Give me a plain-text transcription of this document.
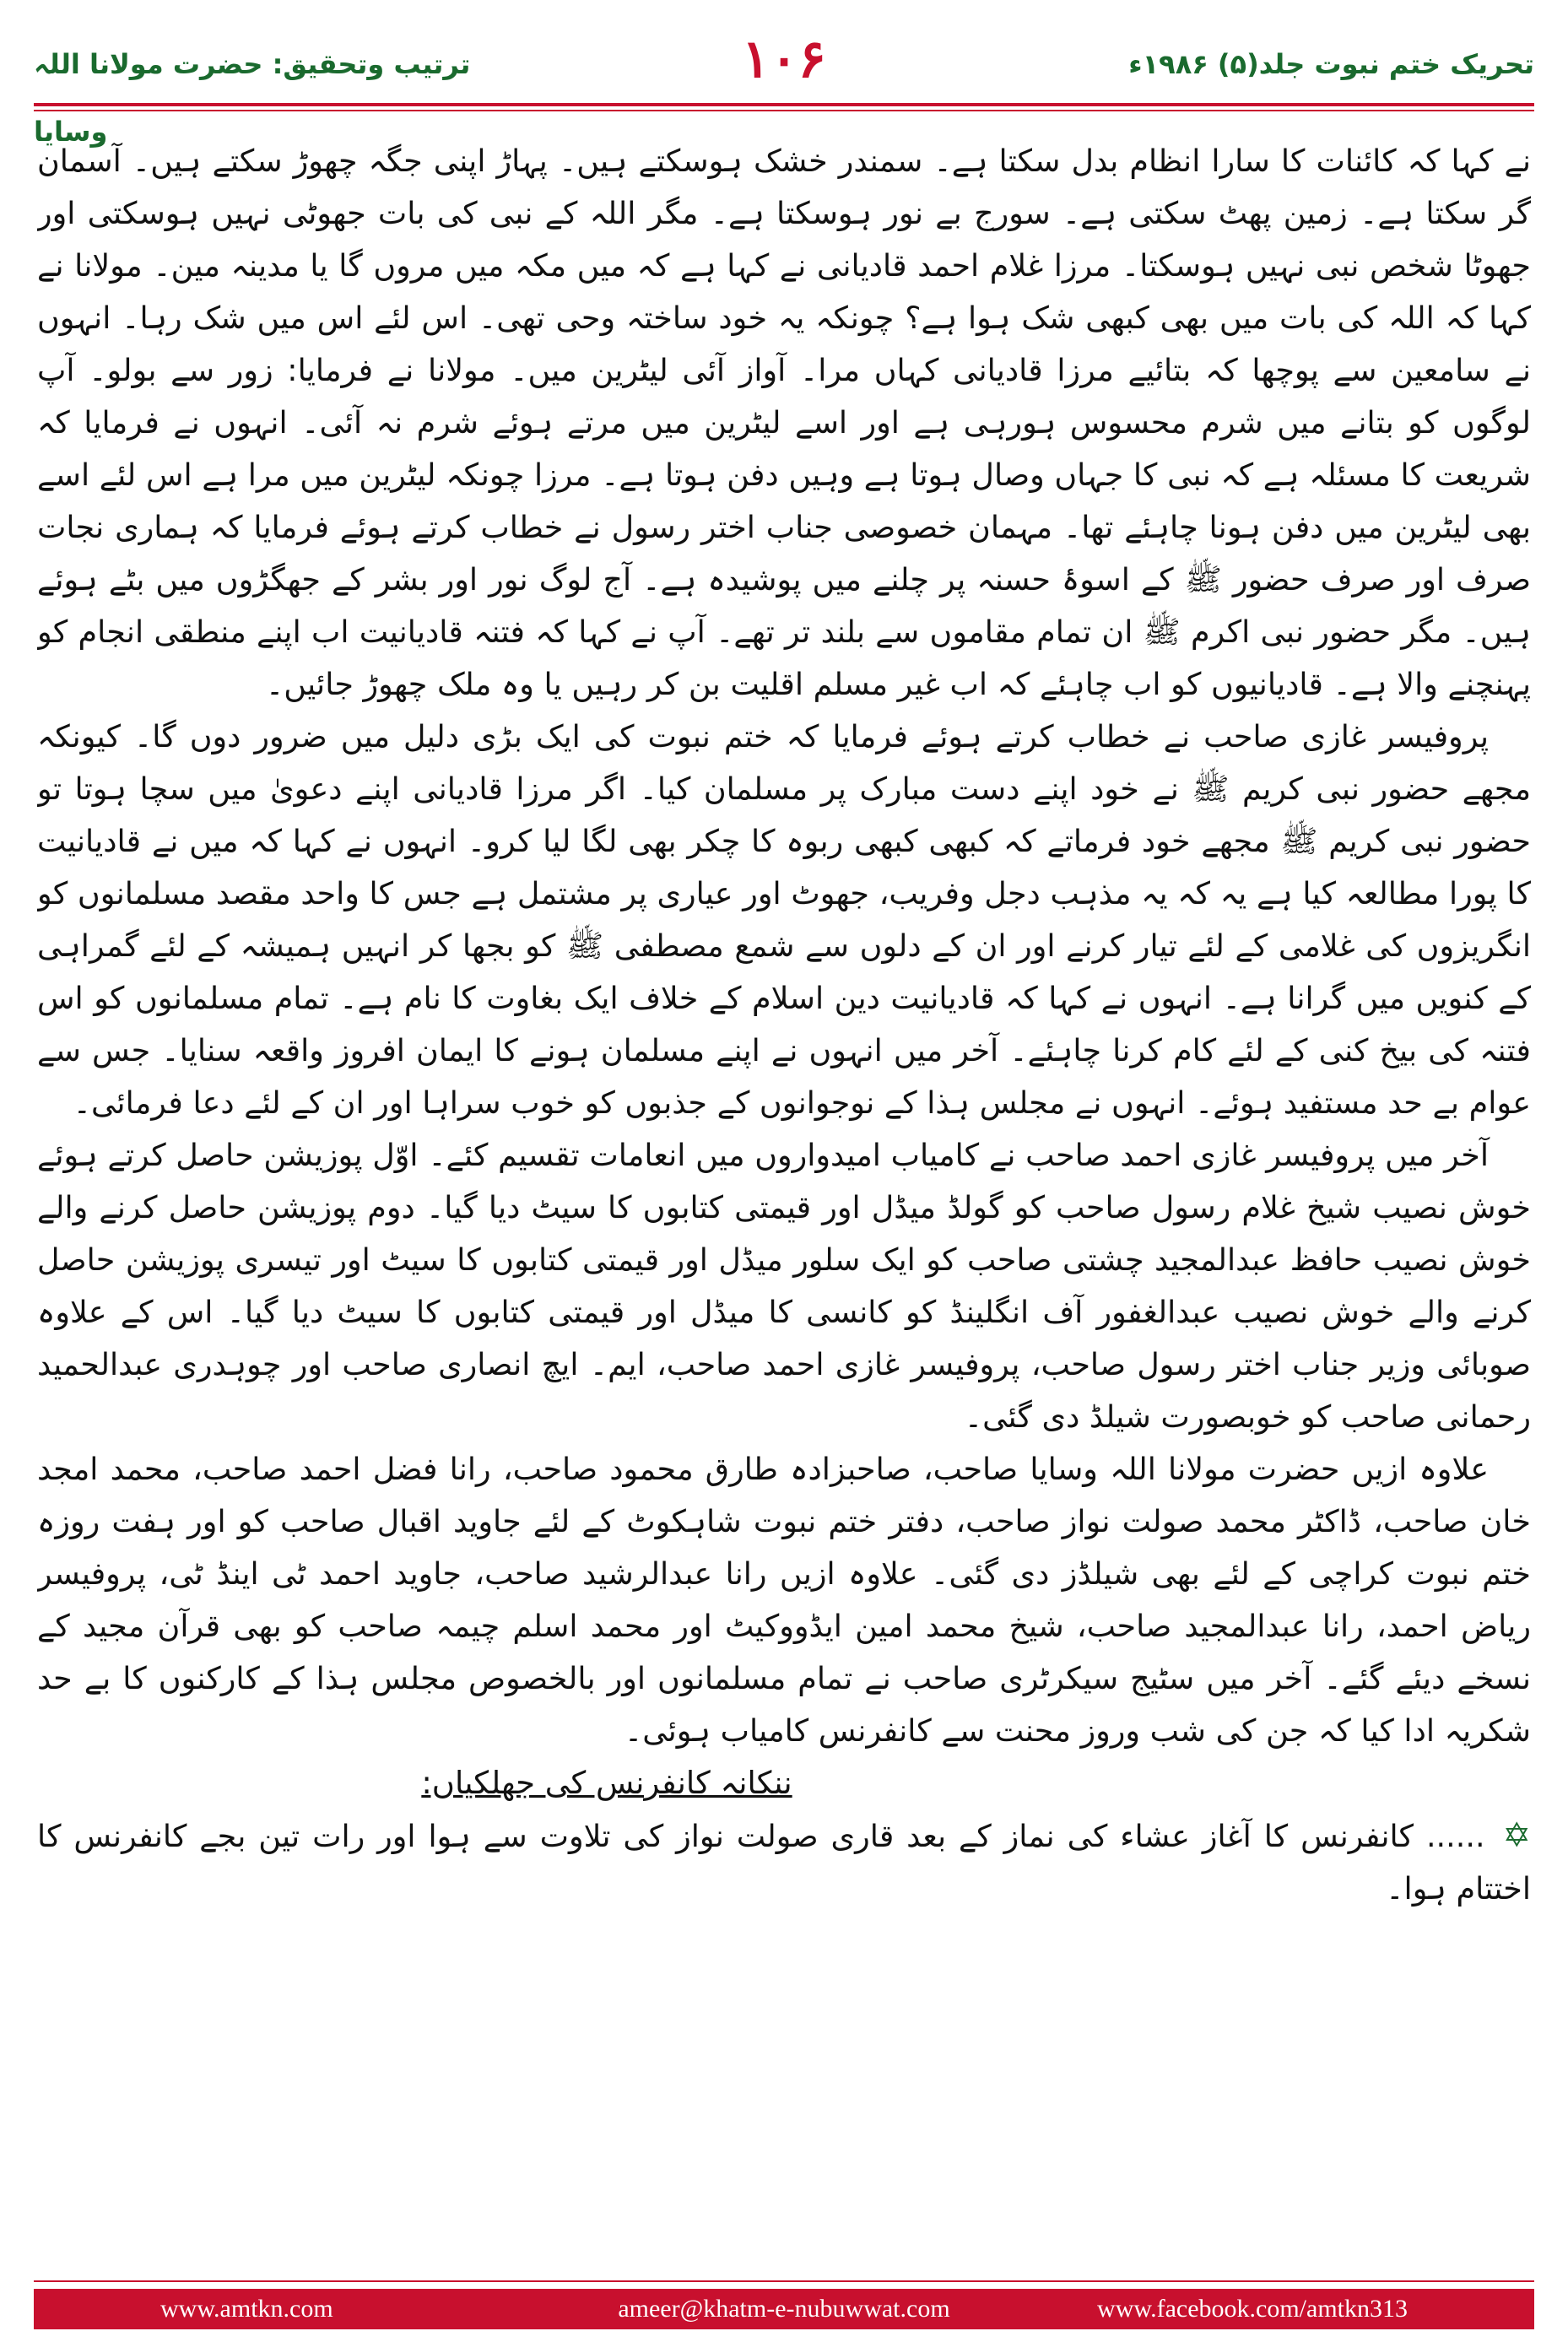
ترتیب وتحقیق: حضرت مولانا اللہ وسایا
۱۰۶	تحریک ختم نبوت جلد(۵) ۱۹۸۶ء

نے کہا کہ کائنات کا سارا انظام بدل سکتا ہے۔ سمندر خشک ہوسکتے ہیں۔ پہاڑ اپنی جگہ چھوڑ سکتے ہیں۔ آسمان گر سکتا ہے۔ زمین پھٹ سکتی ہے۔ سورج بے نور ہوسکتا ہے۔ مگر اللہ کے نبی کی بات جھوٹی نہیں ہوسکتی اور جھوٹا شخص نبی نہیں ہوسکتا۔ مرزا غلام احمد قادیانی نے کہا ہے کہ میں مکہ میں مروں گا یا مدینہ مین۔ مولانا نے کہا کہ اللہ کی بات میں بھی کبھی شک ہوا ہے؟ چونکہ یہ خود ساختہ وحی تھی۔ اس لئے اس میں شک رہا۔ انہوں نے سامعین سے پوچھا کہ بتائیے مرزا قادیانی کہاں مرا۔ آواز آئی لیٹرین میں۔ مولانا نے فرمایا: زور سے بولو۔ آپ لوگوں کو بتانے میں شرم محسوس ہورہی ہے اور اسے لیٹرین میں مرتے ہوئے شرم نہ آئی۔ انہوں نے فرمایا کہ شریعت کا مسئلہ ہے کہ نبی کا جہاں وصال ہوتا ہے وہیں دفن ہوتا ہے۔ مرزا چونکہ لیٹرین میں مرا ہے اس لئے اسے بھی لیٹرین میں دفن ہونا چاہئے تھا۔ مہمان خصوصی جناب اختر رسول نے خطاب کرتے ہوئے فرمایا کہ ہماری نجات صرف اور صرف حضور ﷺ کے اسوۂ حسنہ پر چلنے میں پوشیدہ ہے۔ آج لوگ نور اور بشر کے جھگڑوں میں بٹے ہوئے ہیں۔ مگر حضور نبی اکرم ﷺ ان تمام مقاموں سے بلند تر تھے۔ آپ نے کہا کہ فتنہ قادیانیت اب اپنے منطقی انجام کو پہنچنے والا ہے۔ قادیانیوں کو اب چاہئے کہ اب غیر مسلم اقلیت بن کر رہیں یا وہ ملک چھوڑ جائیں۔

پروفیسر غازی صاحب نے خطاب کرتے ہوئے فرمایا کہ ختم نبوت کی ایک بڑی دلیل میں ضرور دوں گا۔ کیونکہ مجھے حضور نبی کریم ﷺ نے خود اپنے دست مبارک پر مسلمان کیا۔ اگر مرزا قادیانی اپنے دعویٰ میں سچا ہوتا تو حضور نبی کریم ﷺ مجھے خود فرماتے کہ کبھی کبھی ربوہ کا چکر بھی لگا لیا کرو۔ انہوں نے کہا کہ میں نے قادیانیت کا پورا مطالعہ کیا ہے یہ کہ یہ مذہب دجل وفریب، جھوٹ اور عیاری پر مشتمل ہے جس کا واحد مقصد مسلمانوں کو انگریزوں کی غلامی کے لئے تیار کرنے اور ان کے دلوں سے شمع مصطفی ﷺ کو بجھا کر انہیں ہمیشہ کے لئے گمراہی کے کنویں میں گرانا ہے۔ انہوں نے کہا کہ قادیانیت دین اسلام کے خلاف ایک بغاوت کا نام ہے۔ تمام مسلمانوں کو اس فتنہ کی بیخ کنی کے لئے کام کرنا چاہئے۔ آخر میں انہوں نے اپنے مسلمان ہونے کا ایمان افروز واقعہ سنایا۔ جس سے عوام بے حد مستفید ہوئے۔ انہوں نے مجلس ہذا کے نوجوانوں کے جذبوں کو خوب سراہا اور ان کے لئے دعا فرمائی۔

آخر میں پروفیسر غازی احمد صاحب نے کامیاب امیدواروں میں انعامات تقسیم کئے۔ اوّل پوزیشن حاصل کرتے ہوئے خوش نصیب شیخ غلام رسول صاحب کو گولڈ میڈل اور قیمتی کتابوں کا سیٹ دیا گیا۔ دوم پوزیشن حاصل کرنے والے خوش نصیب حافظ عبدالمجید چشتی صاحب کو ایک سلور میڈل اور قیمتی کتابوں کا سیٹ اور تیسری پوزیشن حاصل کرنے والے خوش نصیب عبدالغفور آف انگلینڈ کو کانسی کا میڈل اور قیمتی کتابوں کا سیٹ دیا گیا۔ اس کے علاوہ صوبائی وزیر جناب اختر رسول صاحب، پروفیسر غازی احمد صاحب، ایم۔ ایچ انصاری صاحب اور چوہدری عبدالحمید رحمانی صاحب کو خوبصورت شیلڈ دی گئی۔

علاوہ ازیں حضرت مولانا اللہ وسایا صاحب، صاحبزادہ طارق محمود صاحب، رانا فضل احمد صاحب، محمد امجد خان صاحب، ڈاکٹر محمد صولت نواز صاحب، دفتر ختم نبوت شاہکوٹ کے لئے جاوید اقبال صاحب کو اور ہفت روزہ ختم نبوت کراچی کے لئے بھی شیلڈز دی گئی۔ علاوہ ازیں رانا عبدالرشید صاحب، جاوید احمد ٹی اینڈ ٹی، پروفیسر ریاض احمد، رانا عبدالمجید صاحب، شیخ محمد امین ایڈووکیٹ اور محمد اسلم چیمہ صاحب کو بھی قرآن مجید کے نسخے دیئے گئے۔ آخر میں سٹیج سیکرٹری صاحب نے تمام مسلمانوں اور بالخصوص مجلس ہذا کے کارکنوں کا بے حد شکریہ ادا کیا کہ جن کی شب وروز محنت سے کانفرنس کامیاب ہوئی۔

ننکانہ کانفرنس کی جھلکیاں:

✡ ...... کانفرنس کا آغاز عشاء کی نماز کے بعد قاری صولت نواز کی تلاوت سے ہوا اور رات تین بجے کانفرنس کا اختتام ہوا۔

www.amtkn.com	ameer@khatm-e-nubuwwat.com	www.facebook.com/amtkn313
